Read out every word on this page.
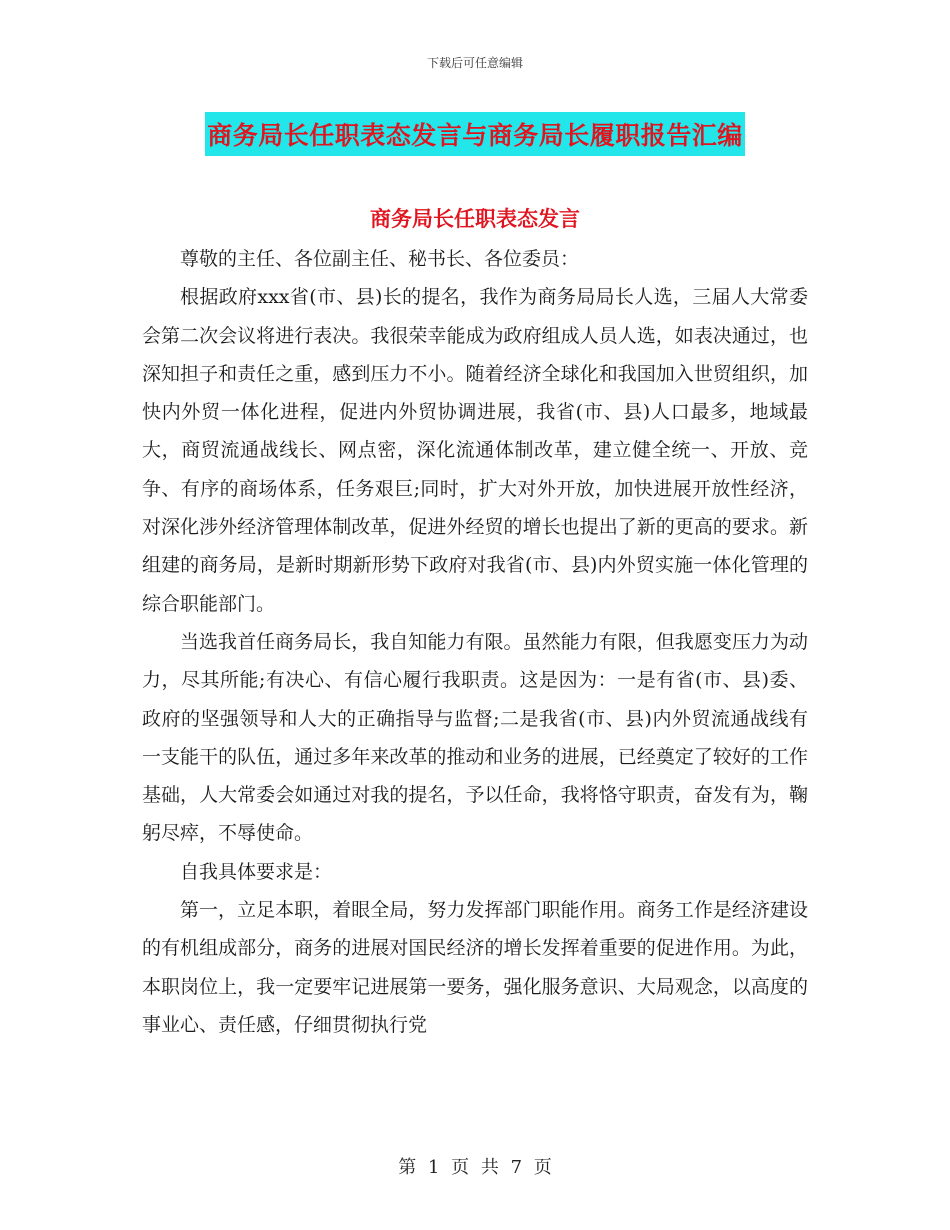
下载后可任意编辑
商务局长任职表态发言与商务局长履职报告汇编
商务局长任职表态发言

尊敬的主任、各位副主任、秘书长、各位委员：

根据政府xxx省(市、县)长的提名，我作为商务局局长人选，三届人大常委会第二次会议将进行表决。我很荣幸能成为政府组成人员人选，如表决通过，也深知担子和责任之重，感到压力不小。随着经济全球化和我国加入世贸组织，加快内外贸一体化进程，促进内外贸协调进展，我省(市、县)人口最多，地域最大，商贸流通战线长、网点密，深化流通体制改革，建立健全统一、开放、竞争、有序的商场体系，任务艰巨;同时，扩大对外开放，加快进展开放性经济，对深化涉外经济管理体制改革，促进外经贸的增长也提出了新的更高的要求。新组建的商务局，是新时期新形势下政府对我省(市、县)内外贸实施一体化管理的综合职能部门。

当选我首任商务局长，我自知能力有限。虽然能力有限，但我愿变压力为动力，尽其所能;有决心、有信心履行我职责。这是因为：一是有省(市、县)委、政府的坚强领导和人大的正确指导与监督;二是我省(市、县)内外贸流通战线有一支能干的队伍，通过多年来改革的推动和业务的进展，已经奠定了较好的工作基础，人大常委会如通过对我的提名，予以任命，我将恪守职责，奋发有为，鞠躬尽瘁，不辱使命。

自我具体要求是：

第一，立足本职，着眼全局，努力发挥部门职能作用。商务工作是经济建设的有机组成部分，商务的进展对国民经济的增长发挥着重要的促进作用。为此，本职岗位上，我一定要牢记进展第一要务，强化服务意识、大局观念，以高度的事业心、责任感，仔细贯彻执行党

第 1 页 共 7 页
